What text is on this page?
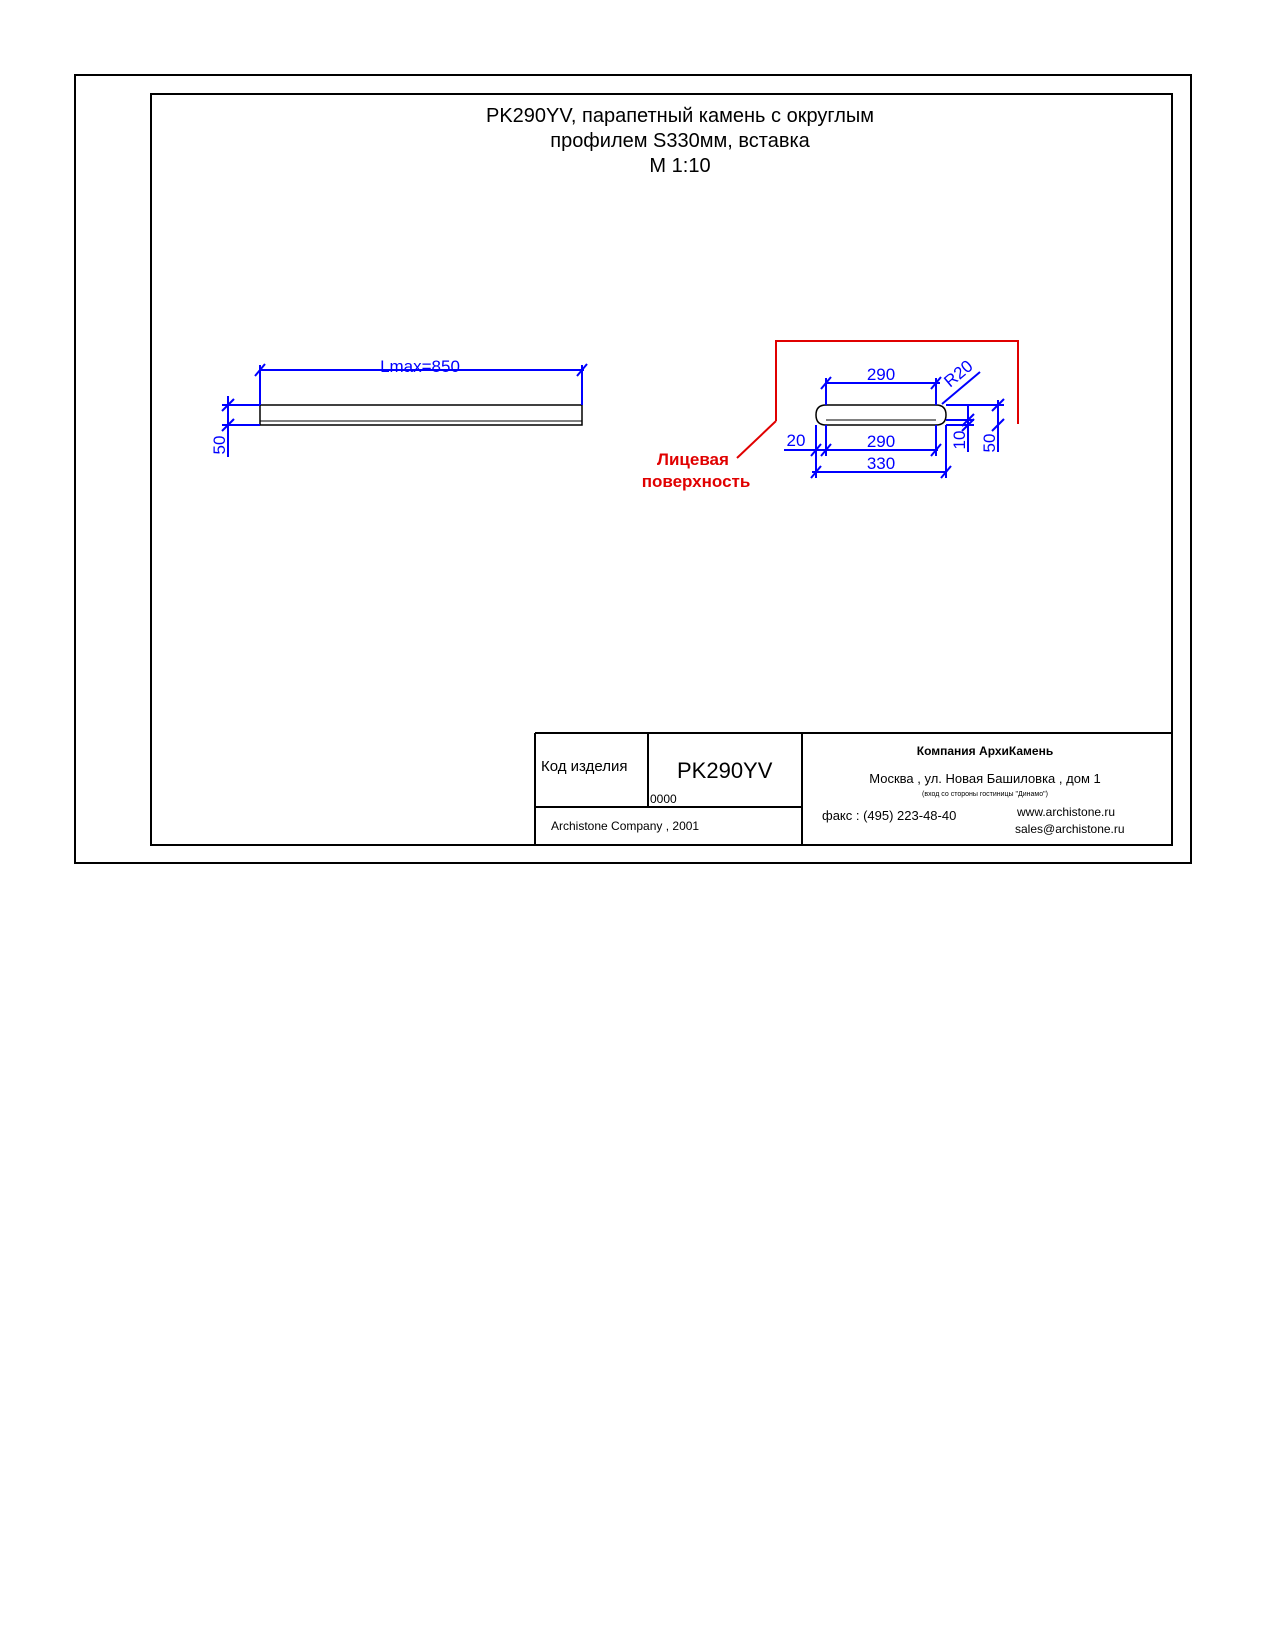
PK290YV, парапетный камень с округлым
профилем S330мм, вставка
M 1:10
Lmax=850
50
290	R20
20	290
330
10 50
Лицевая
поверхность
Код изделия PK290YV
0000
Archistone Company , 2001
Компания АрхиКамень
Москва , ул. Новая Башиловка , дом 1
(вход со стороны гостиницы "Динамо")
факс : (495) 223-48-40	www.archistone.ru
sales@archistone.ru
